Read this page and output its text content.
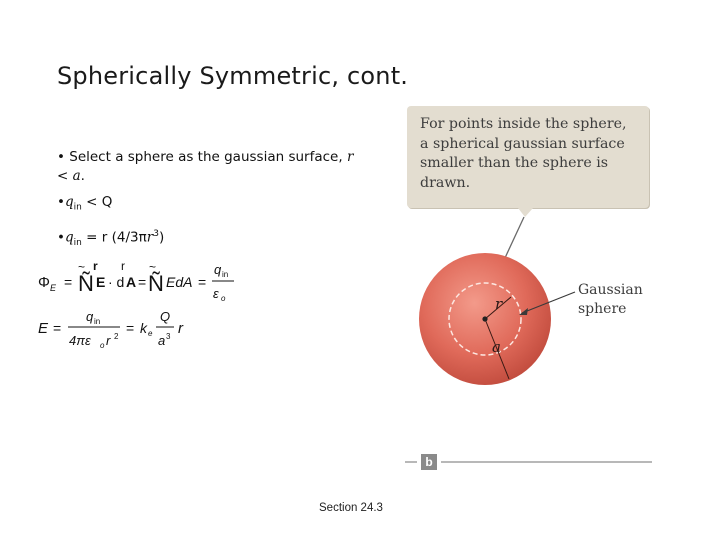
Spherically Symmetric, cont.
• Select a sphere as the gaussian surface, r < a.
$•q_{in} < Q$
$•q_{in} = r$ $(4/3\pi r^3)$
Φ E =
~
Ñ
r
E · d
r
A =
~
Ñ EdA =
q in
ε o
E =
q in
4πε o r 2
= k e
Q
a 3 r
For points inside the sphere,
a spherical gaussian surface
smaller than the sphere is
drawn.
r
a
Gaussian sphere
b
Section 24.3
